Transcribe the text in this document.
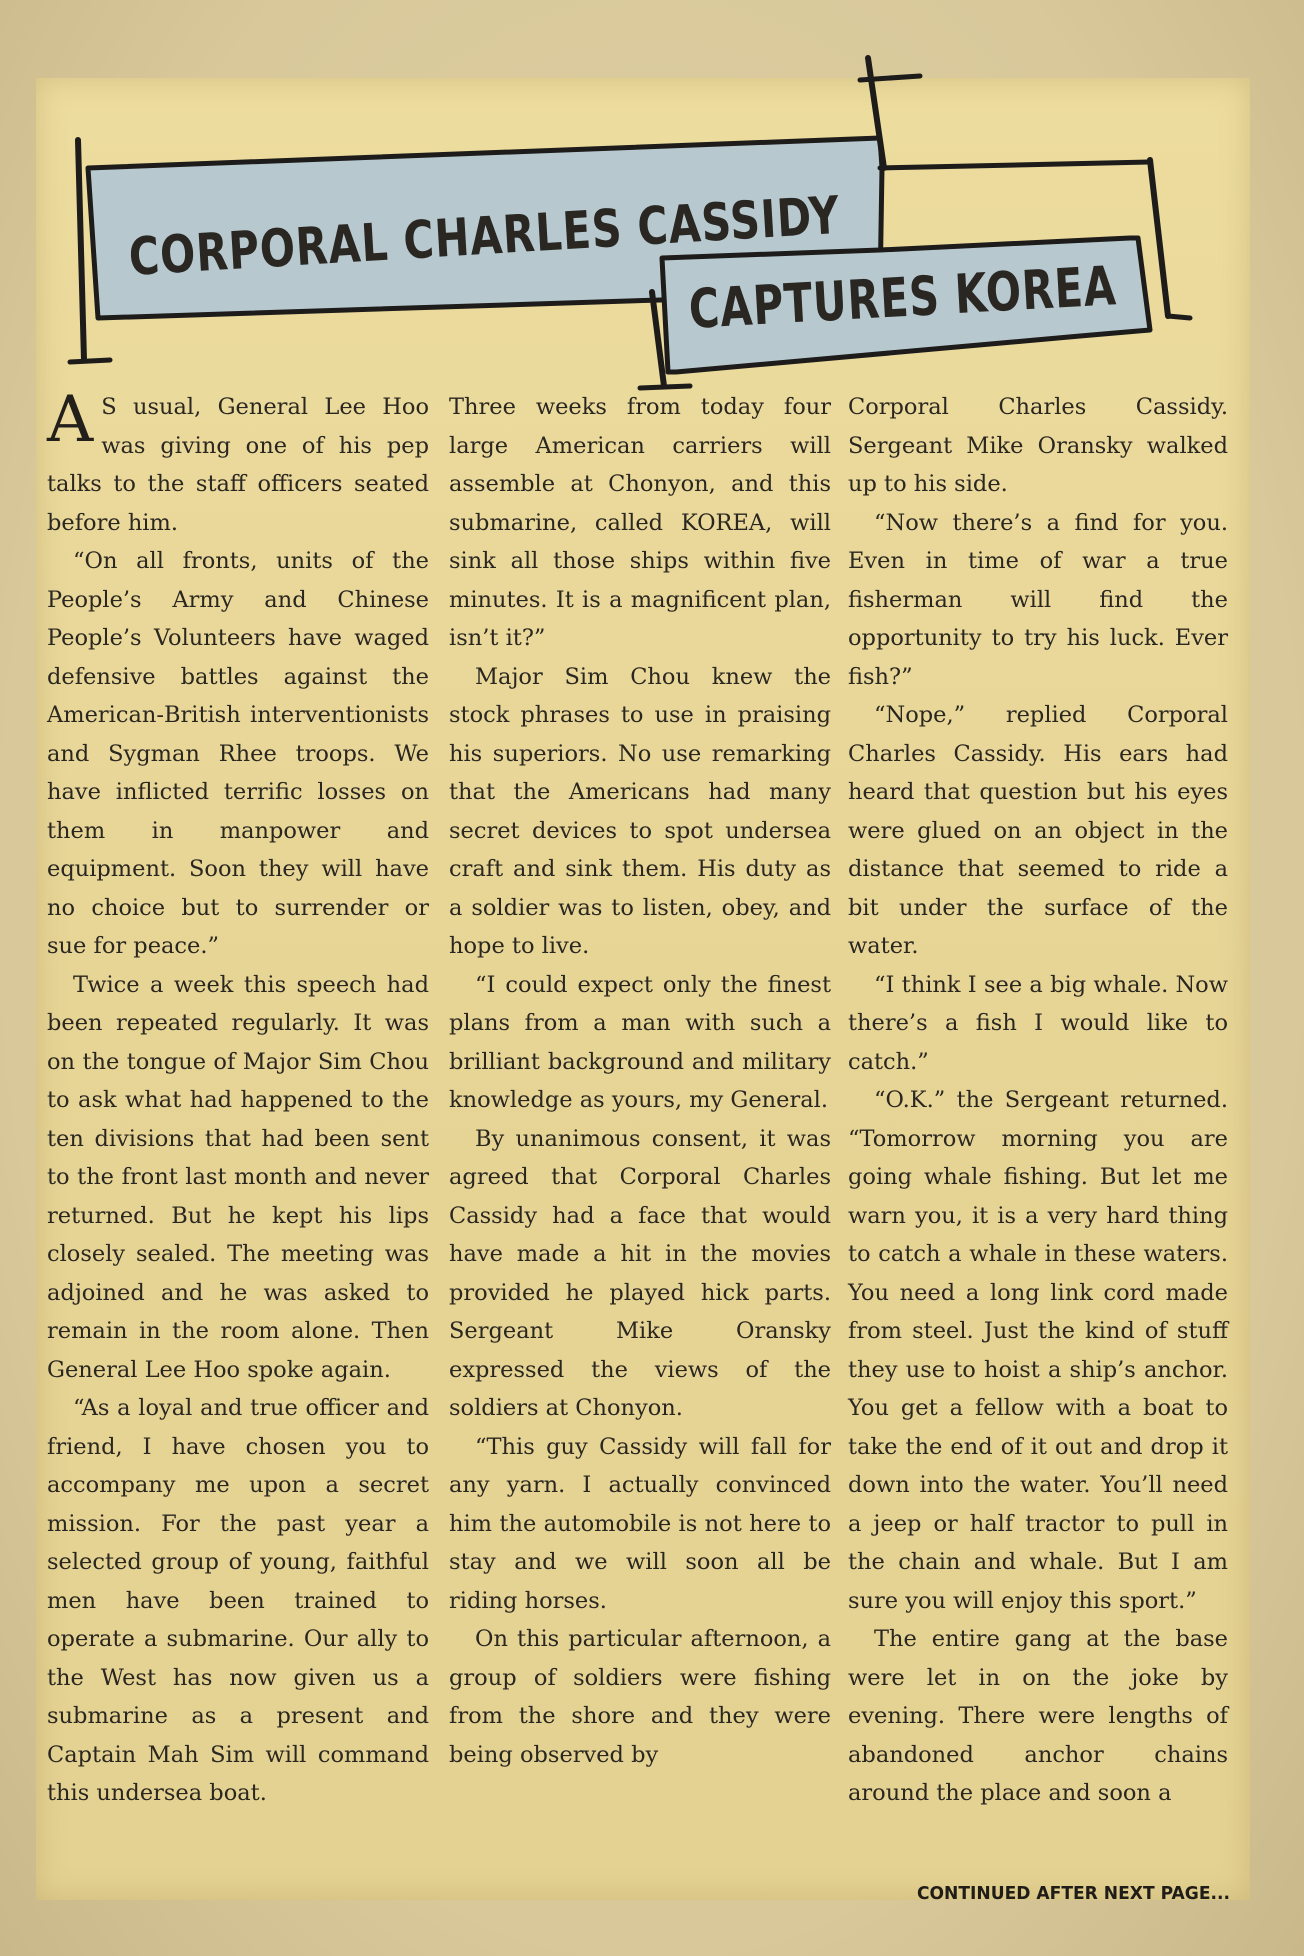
CORPORAL CHARLES CASSIDY
CAPTURES KOREA

A S usual, General Lee Hoo was giving one of his pep talks to the staff officers seated before him.

“On all fronts, units of the People’s Army and Chinese People’s Volunteers have waged defensive battles against the American-British interventionists and Sygman Rhee troops. We have inflicted terrific losses on them in manpower and equipment. Soon they will have no choice but to surrender or sue for peace.”

Twice a week this speech had been repeated regularly. It was on the tongue of Major Sim Chou to ask what had happened to the ten divisions that had been sent to the front last month and never returned. But he kept his lips closely sealed. The meeting was adjoined and he was asked to remain in the room alone. Then General Lee Hoo spoke again.

“As a loyal and true officer and friend, I have chosen you to accompany me upon a secret mission. For the past year a selected group of young, faithful men have been trained to operate a submarine. Our ally to the West has now given us a submarine as a present and Captain Mah Sim will command this undersea boat.

Three weeks from today four large American carriers will assemble at Chonyon, and this submarine, called KOREA, will sink all those ships within five minutes. It is a magnificent plan, isn’t it?”

Major Sim Chou knew the stock phrases to use in praising his superiors. No use remarking that the Americans had many secret devices to spot undersea craft and sink them. His duty as a soldier was to listen, obey, and hope to live.

“I could expect only the finest plans from a man with such a brilliant background and military knowledge as yours, my General.

By unanimous consent, it was agreed that Corporal Charles Cassidy had a face that would have made a hit in the movies provided he played hick parts. Sergeant Mike Oransky expressed the views of the soldiers at Chonyon.

“This guy Cassidy will fall for any yarn. I actually convinced him the automobile is not here to stay and we will soon all be riding horses.

On this particular afternoon, a group of soldiers were fishing from the shore and they were being observed by

Corporal Charles Cassidy. Sergeant Mike Oransky walked up to his side.

“Now there’s a find for you. Even in time of war a true fisherman will find the opportunity to try his luck. Ever fish?”

“Nope,” replied Corporal Charles Cassidy. His ears had heard that question but his eyes were glued on an object in the distance that seemed to ride a bit under the surface of the water.

“I think I see a big whale. Now there’s a fish I would like to catch.”

“O.K.” the Sergeant returned. “Tomorrow morning you are going whale fishing. But let me warn you, it is a very hard thing to catch a whale in these waters. You need a long link cord made from steel. Just the kind of stuff they use to hoist a ship’s anchor. You get a fellow with a boat to take the end of it out and drop it down into the water. You’ll need a jeep or half tractor to pull in the chain and whale. But I am sure you will enjoy this sport.”

The entire gang at the base were let in on the joke by evening. There were lengths of abandoned anchor chains around the place and soon a

CONTINUED AFTER NEXT PAGE...
